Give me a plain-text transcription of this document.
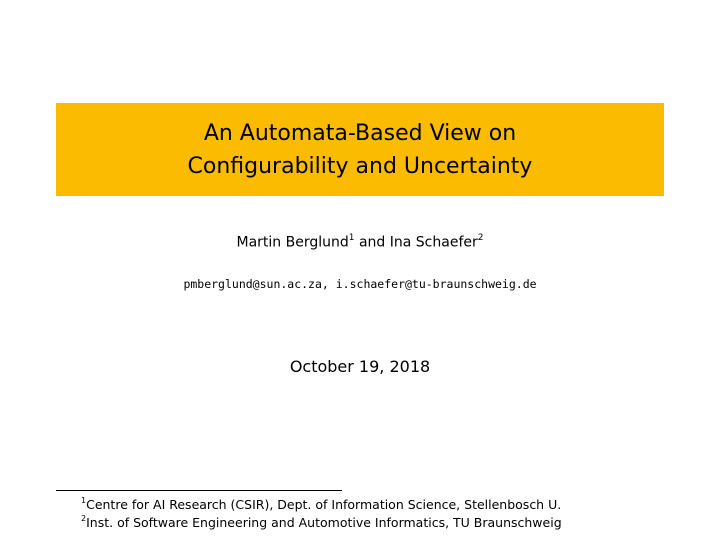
An Automata-Based View on
Configurability and Uncertainty
Martin Berglund$^1$ and Ina Schaefer$^2$
pmberglund@sun.ac.za, i.schaefer@tu-braunschweig.de
October 19, 2018
$^1$Centre for AI Research (CSIR), Dept. of Information Science, Stellenbosch U.
$^2$Inst. of Software Engineering and Automotive Informatics, TU Braunschweig
